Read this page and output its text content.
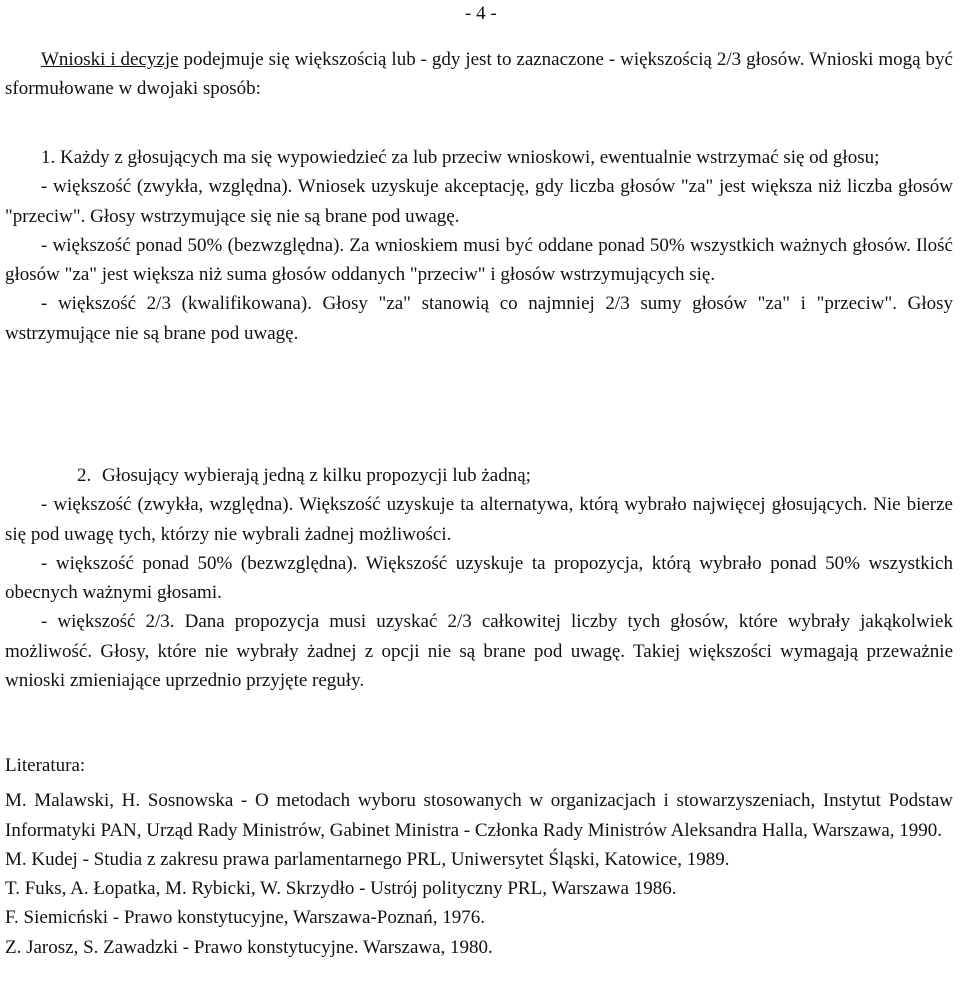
- 4 -

Wnioski i decyzje podejmuje się większością lub - gdy jest to zaznaczone - większością 2/3 głosów. Wnioski mogą być sformułowane w dwojaki sposób:

1. Każdy z głosujących ma się wypowiedzieć za lub przeciw wnioskowi, ewentualnie wstrzymać się od głosu;

- większość (zwykła, względna). Wniosek uzyskuje akceptację, gdy liczba głosów "za" jest większa niż liczba głosów "przeciw". Głosy wstrzymujące się nie są brane pod uwagę.

- większość ponad 50% (bezwzględna). Za wnioskiem musi być oddane ponad 50% wszystkich ważnych głosów. Ilość głosów "za" jest większa niż suma głosów oddanych "przeciw" i głosów wstrzymujących się.

- większość 2/3 (kwalifikowana). Głosy "za" stanowią co najmniej 2/3 sumy głosów "za" i "przeciw". Głosy wstrzymujące nie są brane pod uwagę.

2. Głosujący wybierają jedną z kilku propozycji lub żadną;

- większość (zwykła, względna). Większość uzyskuje ta alternatywa, którą wybrało najwięcej głosujących. Nie bierze się pod uwagę tych, którzy nie wybrali żadnej możliwości.

- większość ponad 50% (bezwzględna). Większość uzyskuje ta propozycja, którą wybrało ponad 50% wszystkich obecnych ważnymi głosami.

- większość 2/3. Dana propozycja musi uzyskać 2/3 całkowitej liczby tych głosów, które wybrały jakąkolwiek możliwość. Głosy, które nie wybrały żadnej z opcji nie są brane pod uwagę. Takiej większości wymagają przeważnie wnioski zmieniające uprzednio przyjęte reguły.

Literatura:

M. Malawski, H. Sosnowska - O metodach wyboru stosowanych w organizacjach i stowarzyszeniach, Instytut Podstaw Informatyki PAN, Urząd Rady Ministrów, Gabinet Ministra - Członka Rady Ministrów Aleksandra Halla, Warszawa, 1990.

M. Kudej - Studia z zakresu prawa parlamentarnego PRL, Uniwersytet Śląski, Katowice, 1989.

T. Fuks, A. Łopatka, M. Rybicki, W. Skrzydło - Ustrój polityczny PRL, Warszawa 1986.

F. Siemicński - Prawo konstytucyjne, Warszawa-Poznań, 1976.

Z. Jarosz, S. Zawadzki - Prawo konstytucyjne. Warszawa, 1980.
